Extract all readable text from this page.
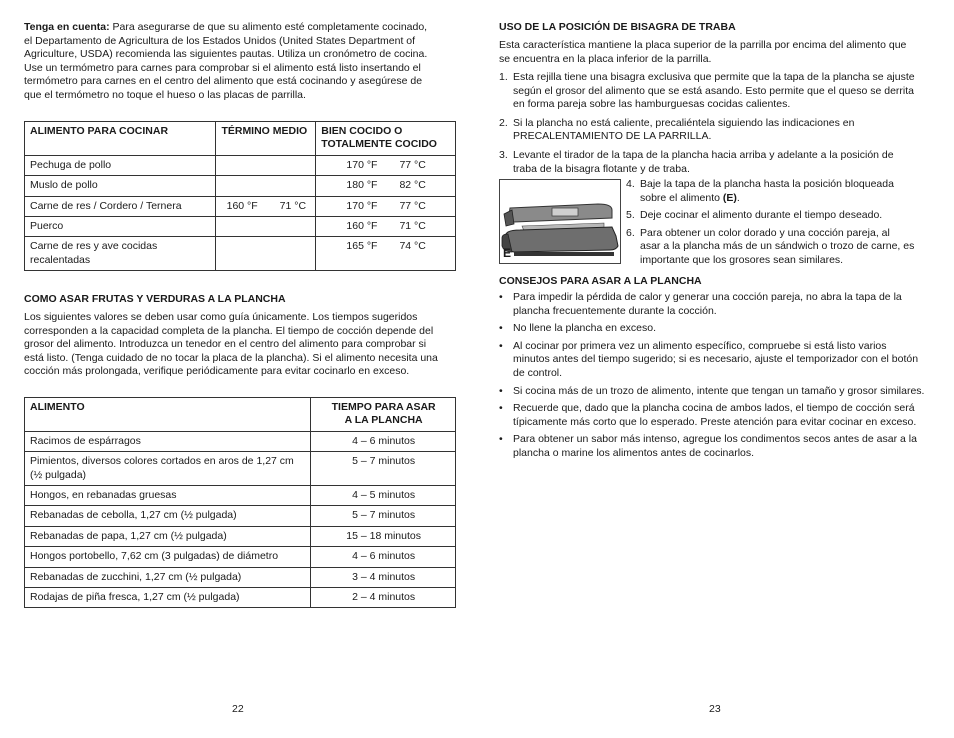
Tenga en cuenta: Para asegurarse de que su alimento esté completamente cocinado,

el Departamento de Agricultura de los Estados Unidos (United States Department of

Agriculture, USDA) recomienda las siguientes pautas. Utiliza un cronómetro de cocina.

Use un termómetro para carnes para comprobar si el alimento está listo insertando el

termómetro para carnes en el centro del alimento que está cocinando y asegúrese de

que el termómetro no toque el hueso o las placas de parrilla.

ALIMENTO PARA COCINAR	TÉRMINO MEDIO	BIEN COCIDO O
TOTALMENTE COCIDO
Pechuga de pollo		170 °F 77 °C

Muslo de pollo		180 °F 82 °C

Carne de res / Cordero / Ternera	160 °F 71 °C	170 °F 77 °C

Puerco		160 °F 71 °C

Carne de res y ave cocidas
recalentadas		165 °F 74 °C

COMO ASAR FRUTAS Y VERDURAS A LA PLANCHA

Los siguientes valores se deben usar como guía únicamente. Los tiempos sugeridos

corresponden a la capacidad completa de la plancha. El tiempo de cocción depende del

grosor del alimento. Introduzca un tenedor en el centro del alimento para comprobar si

está listo. (Tenga cuidado de no tocar la placa de la plancha). Si el alimento necesita una

cocción más prolongada, verifique periódicamente para evitar cocinarlo en exceso.

ALIMENTO	TIEMPO PARA ASAR
A LA PLANCHA
Racimos de espárragos	4 – 6 minutos
Pimientos, diversos colores cortados en aros de 1,27 cm
(½ pulgada)	5 – 7 minutos
Hongos, en rebanadas gruesas	4 – 5 minutos
Rebanadas de cebolla, 1,27 cm (½ pulgada)	5 – 7 minutos
Rebanadas de papa, 1,27 cm (½ pulgada)	15 – 18 minutos
Hongos portobello, 7,62 cm (3 pulgadas) de diámetro	4 – 6 minutos
Rebanadas de zucchini, 1,27 cm (½ pulgada)	3 – 4 minutos
Rodajas de piña fresca, 1,27 cm (½ pulgada)	2 – 4 minutos
22

USO DE LA POSICIÓN DE BISAGRA DE TRABA

Esta característica mantiene la placa superior de la parrilla por encima del alimento que
se encuentra en la placa inferior de la parrilla.

1. Esta rejilla tiene una bisagra exclusiva que permite que la tapa de la plancha se ajuste
según el grosor del alimento que se está asando. Esto permite que el queso se derrita
en forma pareja sobre las hamburguesas cocidas calientes.
2. Si la plancha no está caliente, precaliéntela siguiendo las indicaciones en
PRECALENTAMIENTO DE LA PARRILLA.
3. Levante el tirador de la tapa de la plancha hacia arriba y adelante a la posición de
traba de la bisagra flotante y de traba.
E
4. Baje la tapa de la plancha hasta la posición bloqueada
sobre el alimento (E).
5. Deje cocinar el alimento durante el tiempo deseado.
6. Para obtener un color dorado y una cocción pareja, al
asar a la plancha más de un sándwich o trozo de carne, es
importante que los grosores sean similares.

CONSEJOS PARA ASAR A LA PLANCHA

• Para impedir la pérdida de calor y generar una cocción pareja, no abra la tapa de la
plancha frecuentemente durante la cocción.
• No llene la plancha en exceso.
• Al cocinar por primera vez un alimento específico, compruebe si está listo varios
minutos antes del tiempo sugerido; si es necesario, ajuste el temporizador con el botón
de control.
• Si cocina más de un trozo de alimento, intente que tengan un tamaño y grosor similares.
• Recuerde que, dado que la plancha cocina de ambos lados, el tiempo de cocción será
típicamente más corto que lo esperado. Preste atención para evitar cocinar en exceso.
• Para obtener un sabor más intenso, agregue los condimentos secos antes de asar a la
plancha o marine los alimentos antes de cocinarlos.
23
